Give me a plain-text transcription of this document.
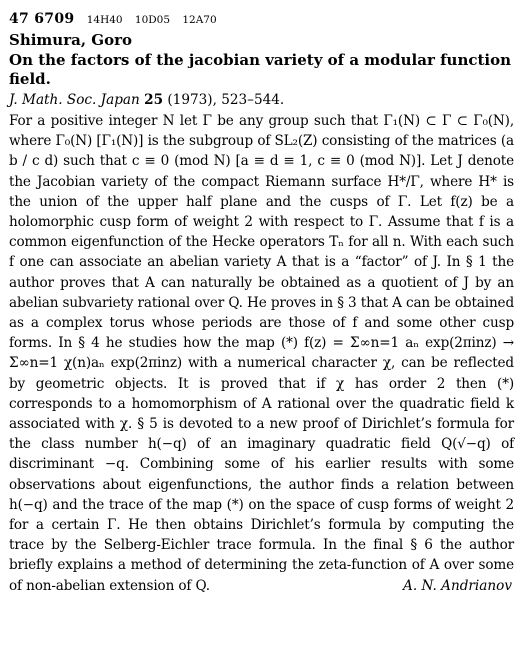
47 6709 14H40 10D05 12A70
Shimura, Goro
On the factors of the jacobian variety of a modular function field.
J. Math. Soc. Japan 25 (1973), 523–544.

For a positive integer N let Γ be any group such that Γ₁(N) ⊂ Γ ⊂ Γ₀(N), where Γ₀(N) [Γ₁(N)] is the subgroup of SL₂(Z) consisting of the matrices (a b / c d) such that c ≡ 0 (mod N) [a ≡ d ≡ 1, c ≡ 0 (mod N)]. Let J denote the Jacobian variety of the compact Riemann surface H*/Γ, where H* is the union of the upper half plane and the cusps of Γ. Let f(z) be a holomorphic cusp form of weight 2 with respect to Γ. Assume that f is a common eigenfunction of the Hecke operators Tₙ for all n. With each such f one can associate an abelian variety A that is a “factor” of J. In § 1 the author proves that A can naturally be obtained as a quotient of J by an abelian subvariety rational over Q. He proves in § 3 that A can be obtained as a complex torus whose periods are those of f and some other cusp forms. In § 4 he studies how the map (*) f(z) = Σ∞n=1 aₙ exp(2πinz) → Σ∞n=1 χ(n)aₙ exp(2πinz) with a numerical character χ, can be reflected by geometric objects. It is proved that if χ has order 2 then (*) corresponds to a homomorphism of A rational over the quadratic field k associated with χ. § 5 is devoted to a new proof of Dirichlet’s formula for the class number h(−q) of an imaginary quadratic field Q(√−q) of discriminant −q. Combining some of his earlier results with some observations about eigenfunctions, the author finds a relation between h(−q) and the trace of the map (*) on the space of cusp forms of weight 2 for a certain Γ. He then obtains Dirichlet’s formula by computing the trace by the Selberg-Eichler trace formula. In the final § 6 the author briefly explains a method of determining the zeta-function of A over some of non-abelian extension of Q.	A. N. Andrianov
